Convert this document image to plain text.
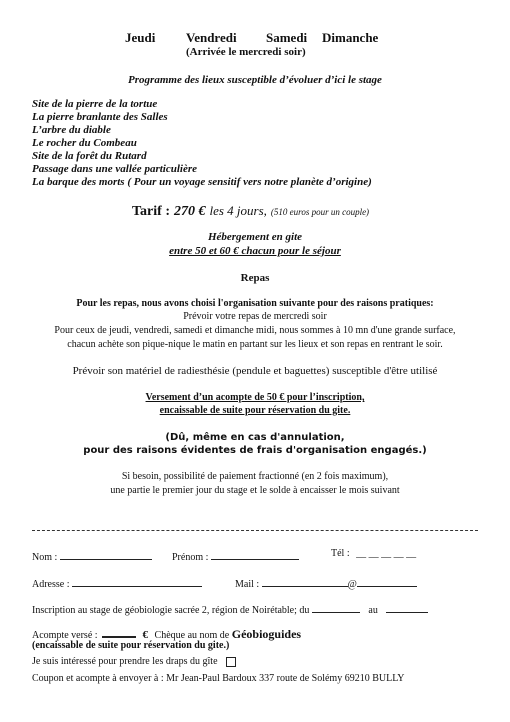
Jeudi Vendredi Samedi Dimanche
(Arrivée le mercredi soir)
Programme des lieux susceptible d’évoluer d’ici le stage
Site de la pierre de la tortue
La pierre branlante des Salles
L’arbre du diable
Le rocher du Combeau
Site de la forêt du Rutard
Passage dans une vallée particulière
La barque des morts ( Pour un voyage sensitif vers notre planète d’origine)
Tarif : 270 € les 4 jours, (510 euros pour un couple)
Hébergement en gite
entre 50 et 60 € chacun pour le séjour
Repas
Pour les repas, nous avons choisi l'organisation suivante pour des raisons pratiques:
Prévoir votre repas de mercredi soir
Pour ceux de jeudi, vendredi, samedi et dimanche midi, nous sommes à 10 mn d'une grande surface,
chacun achète son pique-nique le matin en partant sur les lieux et son repas en rentrant le soir.
Prévoir son matériel de radiesthésie (pendule et baguettes) susceptible d'être utilisé
Versement d’un acompte de 50 € pour l’inscription,
encaissable de suite pour réservation du gite.
(Dû, même en cas d'annulation,
pour des raisons évidentes de frais d'organisation engagés.)
Si besoin, possibilité de paiement fractionné (en 2 fois maximum),
une partie le premier jour du stage et le solde à encaisser le mois suivant
Nom :	Prénom :	Tél : __ __ __ __ __
Adresse :	Mail :	@
Inscription au stage de géobiologie sacrée 2, région de Noirétable; du	au
Acompte versé :	€ Chèque au nom de Géobioguides
(encaissable de suite pour réservation du gite.)
Je suis intéressé pour prendre les draps du gîte
Coupon et acompte à envoyer à : Mr Jean-Paul Bardoux 337 route de Solémy 69210 BULLY
